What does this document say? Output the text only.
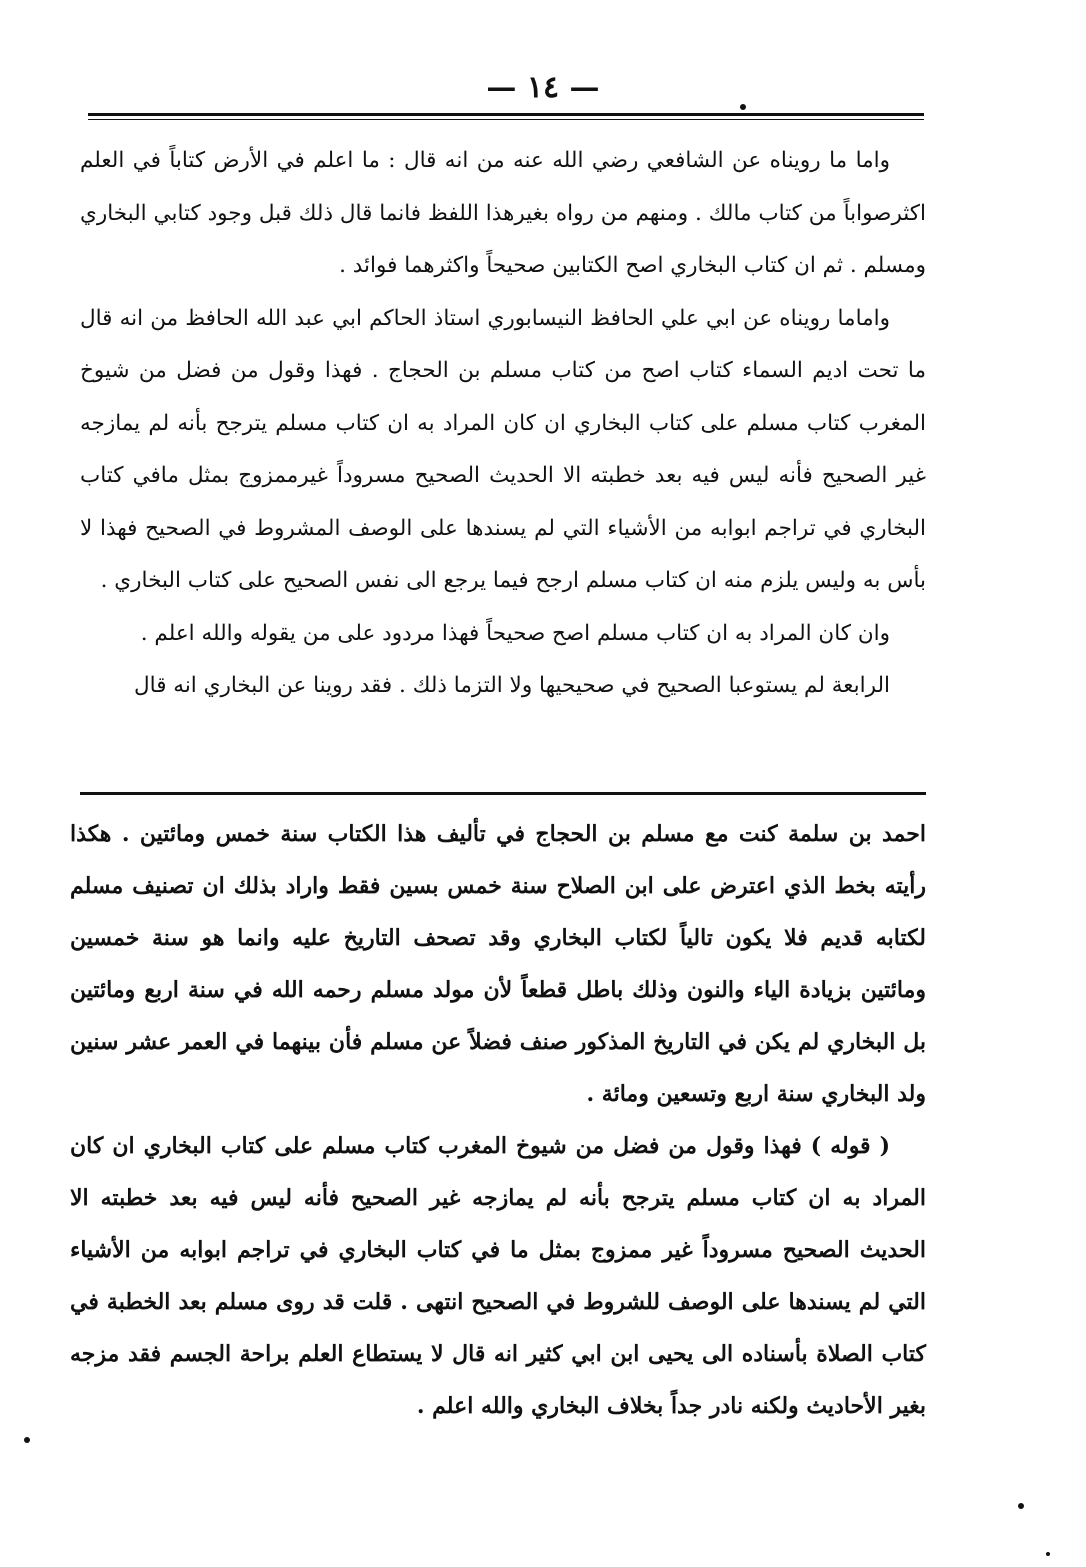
— ١٤ —

واما ما رويناه عن الشافعي رضي الله عنه من انه قال : ما اعلم في الأرض كتاباً في العلم اكثرصواباً من كتاب مالك . ومنهم من رواه بغيرهذا اللفظ فانما قال ذلك قبل وجود كتابي البخاري ومسلم . ثم ان كتاب البخاري اصح الكتابين صحيحاً واكثرهما فوائد .

واماما رويناه عن ابي علي الحافظ النيسابوري استاذ الحاكم ابي عبد الله الحافظ من انه قال ما تحت اديم السماء كتاب اصح من كتاب مسلم بن الحجاج . فهذا وقول من فضل من شيوخ المغرب كتاب مسلم على كتاب البخاري ان كان المراد به ان كتاب مسلم يترجح بأنه لم يمازجه غير الصحيح فأنه ليس فيه بعد خطبته الا الحديث الصحيح مسروداً غيرممزوج بمثل مافي كتاب البخاري في تراجم ابوابه من الأشياء التي لم يسندها على الوصف المشروط في الصحيح فهذا لا بأس به وليس يلزم منه ان كتاب مسلم ارجح فيما يرجع الى نفس الصحيح على كتاب البخاري .

وان كان المراد به ان كتاب مسلم اصح صحيحاً فهذا مردود على من يقوله والله اعلم .

الرابعة لم يستوعبا الصحيح في صحيحيها ولا التزما ذلك . فقد روينا عن البخاري انه قال

احمد بن سلمة كنت مع مسلم بن الحجاج في تأليف هذا الكتاب سنة خمس ومائتين . هكذا رأيته بخط الذي اعترض على ابن الصلاح سنة خمس بسين فقط واراد بذلك ان تصنيف مسلم لكتابه قديم فلا يكون تالياً لكتاب البخاري وقد تصحف التاريخ عليه وانما هو سنة خمسين ومائتين بزيادة الياء والنون وذلك باطل قطعاً لأن مولد مسلم رحمه الله في سنة اربع ومائتين بل البخاري لم يكن في التاريخ المذكور صنف فضلاً عن مسلم فأن بينهما في العمر عشر سنين ولد البخاري سنة اربع وتسعين ومائة .

( قوله ) فهذا وقول من فضل من شيوخ المغرب كتاب مسلم على كتاب البخاري ان كان المراد به ان كتاب مسلم يترجح بأنه لم يمازجه غير الصحيح فأنه ليس فيه بعد خطبته الا الحديث الصحيح مسروداً غير ممزوج بمثل ما في كتاب البخاري في تراجم ابوابه من الأشياء التي لم يسندها على الوصف للشروط في الصحيح انتهى . قلت قد روى مسلم بعد الخطبة في كتاب الصلاة بأسناده الى يحيى ابن ابي كثير انه قال لا يستطاع العلم براحة الجسم فقد مزجه بغير الأحاديث ولكنه نادر جداً بخلاف البخاري والله اعلم .
